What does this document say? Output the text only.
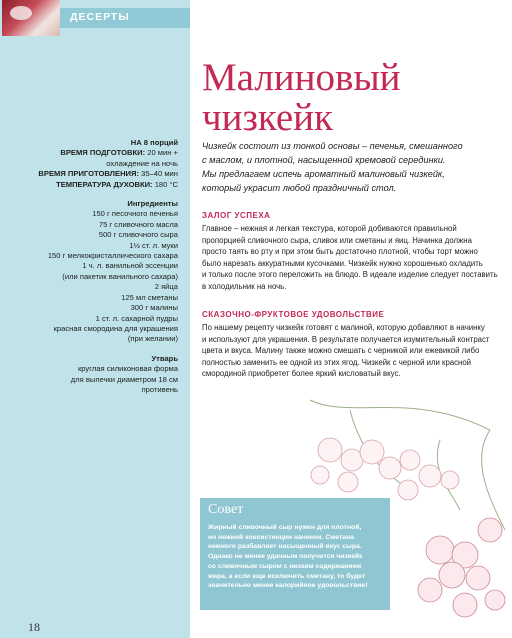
ДЕСЕРТЫ
НА 8 порций
ВРЕМЯ ПОДГОТОВКИ: 20 мин +
охлаждение на ночь
ВРЕМЯ ПРИГОТОВЛЕНИЯ: 35–40 мин
ТЕМПЕРАТУРА ДУХОВКИ: 180 °С
Ингредиенты
150 г песочного печенья
75 г сливочного масла
500 г сливочного сыра
1½ ст. л. муки
150 г мелкокристаллического сахара
1 ч. л. ванильной эссенции
(или пакетик ванильного сахара)
2 яйца
125 мл сметаны
300 г малины
1 ст. л. сахарной пудры
красная смородина для украшения
(при желании)
Утварь
круглая силиконовая форма
для выпечки диаметром 18 см
противень
Малиновый
чизкейк
Чизкейк состоит из тонкой основы – печенья, смешанного
с маслом, и плотной, насыщенной кремовой серединки.
Мы предлагаем испечь ароматный малиновый чизкейк,
который украсит любой праздничный стол.
ЗАЛОГ УСПЕХА
Главное – нежная и легкая текстура, которой добиваются правильной
пропорцией сливочного сыра, сливок или сметаны и яиц. Начинка должна
просто таять во рту и при этом быть достаточно плотной, чтобы торт можно
было нарезать аккуратными кусочками. Чизкейк нужно хорошенько охладить
и только после этого переложить на блюдо. В идеале изделие следует поставить
в холодильник на ночь.
СКАЗОЧНО-ФРУКТОВОЕ УДОВОЛЬСТВИЕ
По нашему рецепту чизкейк готовят с малиной, которую добавляют в начинку
и используют для украшения. В результате получается изумительный контраст
цвета и вкуса. Малину также можно смешать с черникой или ежевикой либо
полностью заменить ее одной из этих ягод. Чизкейк с черной или красной
смородиной приобретет более яркий кисловатый вкус.
Совет
Жирный сливочный сыр нужен для плотной,
но нежной консистенции начинки. Сметана
немного разбавляет насыщенный вкус сыра.
Однако не менее удачным получится чизкейк
со сливочным сыром с низким содержанием
жира, а если еще исключить сметану, то будет
значительно менее калорийное удовольствие!
18
